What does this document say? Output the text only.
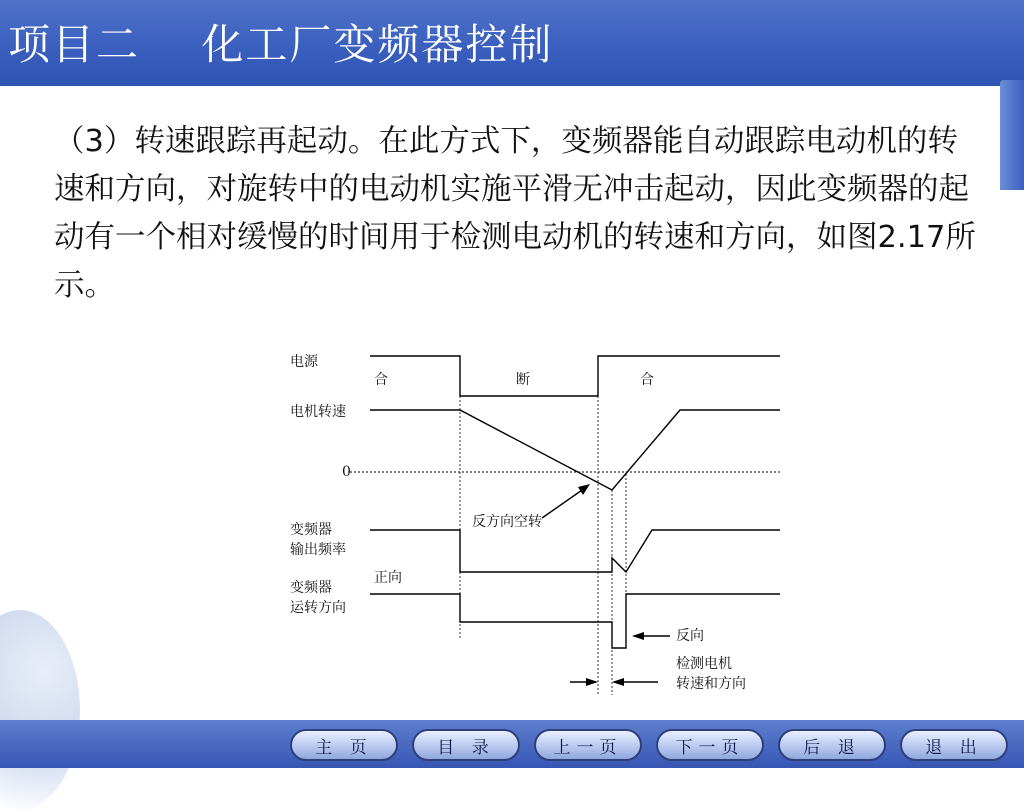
项目二    化工厂变频器控制
（3）转速跟踪再起动。在此方式下，变频器能自动跟踪电动机的转速和方向，对旋转中的电动机实施平滑无冲击起动，因此变频器的起动有一个相对缓慢的时间用于检测电动机的转速和方向，如图2.17所示。
电源
合	断	合
电机转速
0
反方向空转
变频器
输出频率
正向
变频器
运转方向
反向
检测电机
转速和方向
主 页	目 录	上一页	下一页	后 退	退 出
